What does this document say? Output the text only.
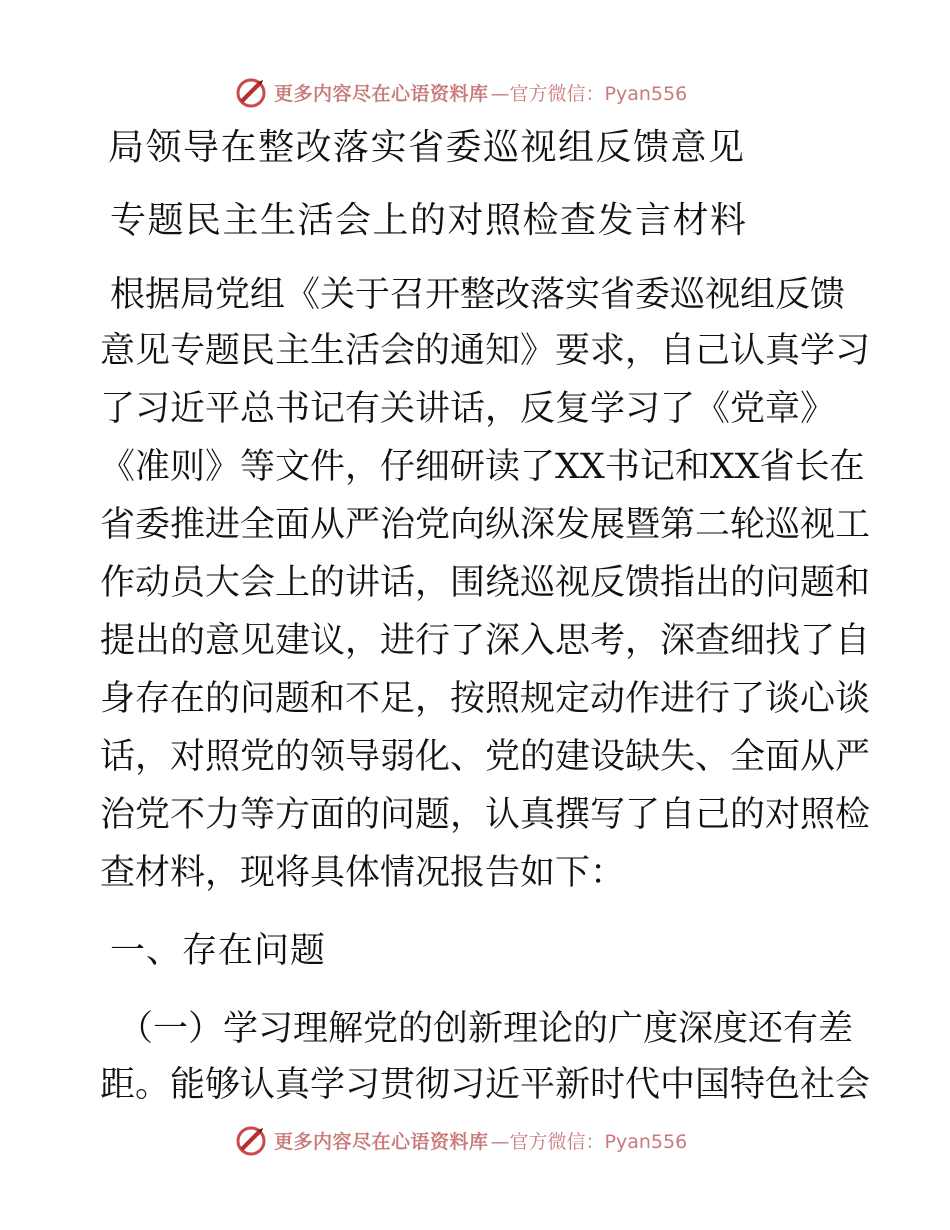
更多内容尽在心语资料库 —官方微信：Pyan556
局领导在整改落实省委巡视组反馈意见
专题民主生活会上的对照检查发言材料
根据局党组《关于召开整改落实省委巡视组反馈
意见专题民主生活会的通知》要求，自己认真学习
了习近平总书记有关讲话，反复学习了《党章》
《准则》等文件，仔细研读了XX书记和XX省长在
省委推进全面从严治党向纵深发展暨第二轮巡视工
作动员大会上的讲话，围绕巡视反馈指出的问题和
提出的意见建议，进行了深入思考，深查细找了自
身存在的问题和不足，按照规定动作进行了谈心谈
话，对照党的领导弱化、党的建设缺失、全面从严
治党不力等方面的问题，认真撰写了自己的对照检
查材料，现将具体情况报告如下：
一、存在问题
（一）学习理解党的创新理论的广度深度还有差
距。能够认真学习贯彻习近平新时代中国特色社会
更多内容尽在心语资料库 —官方微信：Pyan556
